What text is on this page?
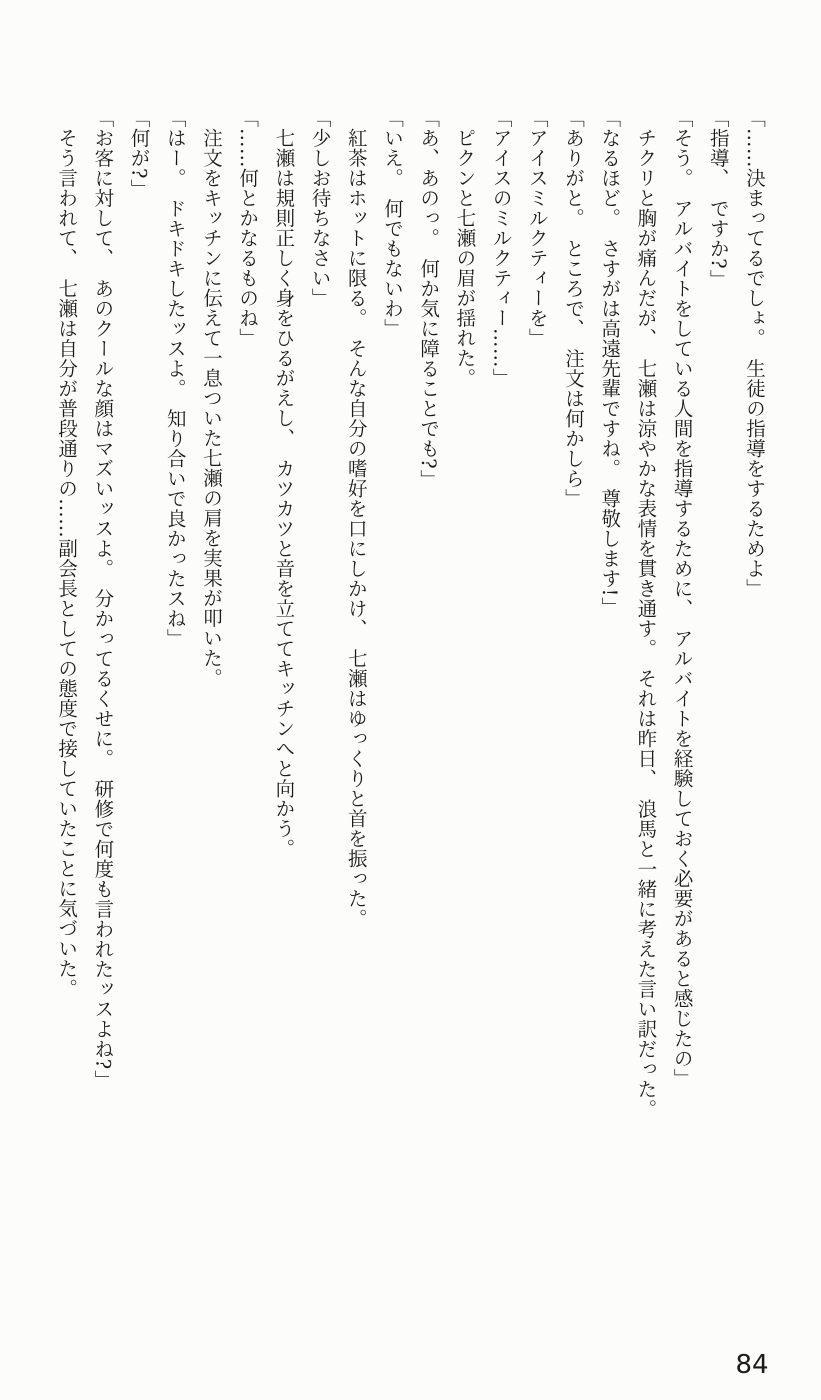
「……決まってるでしょ。　生徒の指導をするためよ」

「指導、　ですか?」

「そう。　アルバイトをしている人間を指導するために、　アルバイトを経験しておく必要があると感じたの」

　チクリと胸が痛んだが、　七瀬は涼やかな表情を貫き通す。　それは昨日、　浪馬と一緒に考えた言い訳だった。

「なるほど。　さすがは高遠先輩ですね。　尊敬します!」

「ありがと。　ところで、　注文は何かしら」

「アイスミルクティーを」

「アイスのミルクティー……」

　ピクンと七瀬の眉が揺れた。

「あ、あのっ。　何か気に障ることでも?」

「いえ。　何でもないわ」

　紅茶はホットに限る。　そんな自分の嗜好を口にしかけ、　七瀬はゆっくりと首を振った。

「少しお待ちなさい」

　七瀬は規則正しく身をひるがえし、　カツカツと音を立ててキッチンへと向かう。

「……何とかなるものね」

　注文をキッチンに伝えて一息ついた七瀬の肩を実果が叩いた。

「はー。　ドキドキしたッスよ。　知り合いで良かったスね」

「何が?」

「お客に対して、　あのクールな顔はマズいッスよ。　分かってるくせに。　研修で何度も言われたッスよね?」

　そう言われて、　七瀬は自分が普段通りの……副会長としての態度で接していたことに気づいた。

84
